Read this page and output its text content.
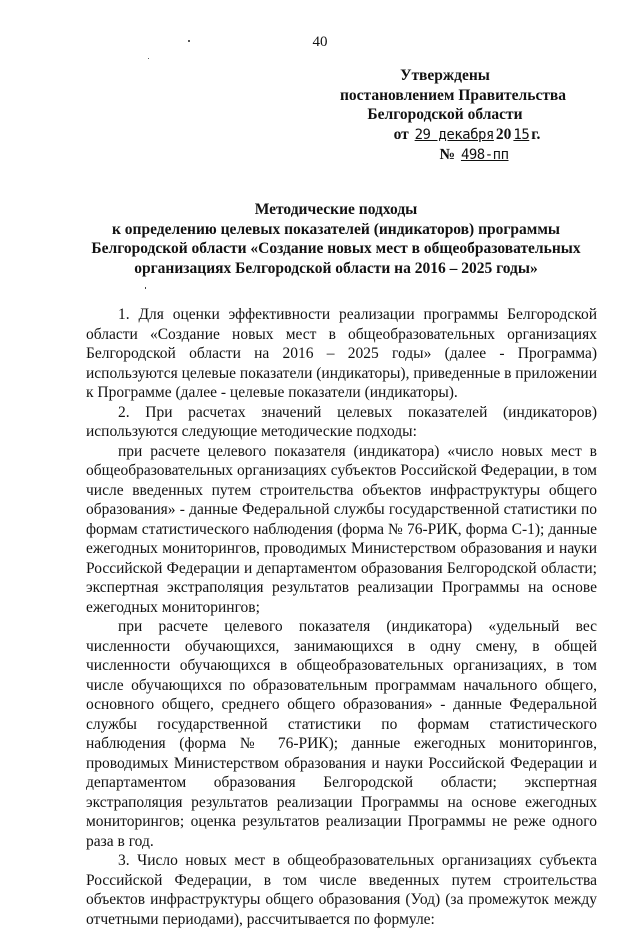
40
Утверждены
постановлением Правительства
Белгородской области
от 29 декабря 20 15 г.
№ 498-пп
Методические подходы
к определению целевых показателей (индикаторов) программы
Белгородской области «Создание новых мест в общеобразовательных
организациях Белгородской области на 2016 – 2025 годы»

1. Для оценки эффективности реализации программы Белгородской области «Создание новых мест в общеобразовательных организациях Белгородской области на 2016 – 2025 годы» (далее - Программа) используются целевые показатели (индикаторы), приведенные в приложении к Программе (далее - целевые показатели (индикаторы).

2. При расчетах значений целевых показателей (индикаторов) используются следующие методические подходы:

при расчете целевого показателя (индикатора) «число новых мест в общеобразовательных организациях субъектов Российской Федерации, в том числе введенных путем строительства объектов инфраструктуры общего образования» - данные Федеральной службы государственной статистики по формам статистического наблюдения (форма № 76-РИК, форма С-1); данные ежегодных мониторингов, проводимых Министерством образования и науки Российской Федерации и департаментом образования Белгородской области; экспертная экстраполяция результатов реализации Программы на основе ежегодных мониторингов;

при расчете целевого показателя (индикатора) «удельный вес численности обучающихся, занимающихся в одну смену, в общей численности обучающихся в общеобразовательных организациях, в том числе обучающихся по образовательным программам начального общего, основного общего, среднего общего образования» - данные Федеральной службы государственной статистики по формам статистического наблюдения (форма № 76-РИК); данные ежегодных мониторингов, проводимых Министерством образования и науки Российской Федерации и департаментом образования Белгородской области; экспертная экстраполяция результатов реализации Программы на основе ежегодных мониторингов; оценка результатов реализации Программы не реже одного раза в год.

3. Число новых мест в общеобразовательных организациях субъекта Российской Федерации, в том числе введенных путем строительства объектов инфраструктуры общего образования (Уод) (за промежуток между отчетными периодами), рассчитывается по формуле:
